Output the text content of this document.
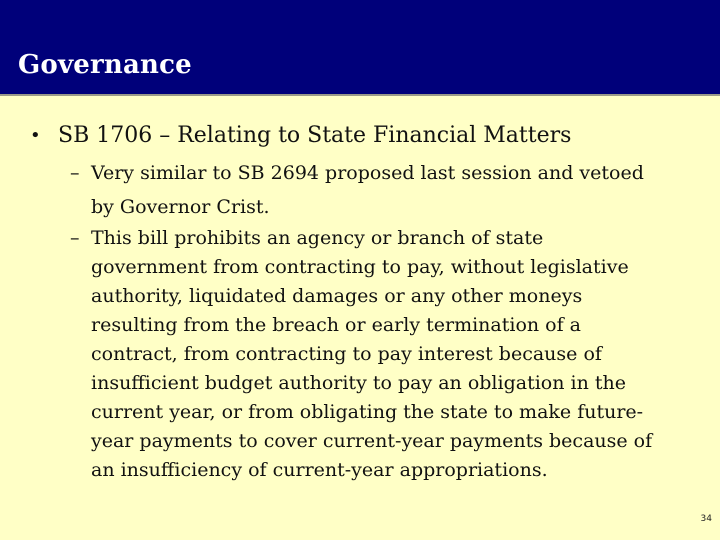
Governance
• SB 1706 – Relating to State Financial Matters
– Very similar to SB 2694 proposed last session and vetoed by Governor Crist.
– This bill prohibits an agency or branch of state government from contracting to pay, without legislative authority, liquidated damages or any other moneys resulting from the breach or early termination of a contract, from contracting to pay interest because of insufficient budget authority to pay an obligation in the current year, or from obligating the state to make future-year payments to cover current-year payments because of an insufficiency of current-year appropriations.
34
